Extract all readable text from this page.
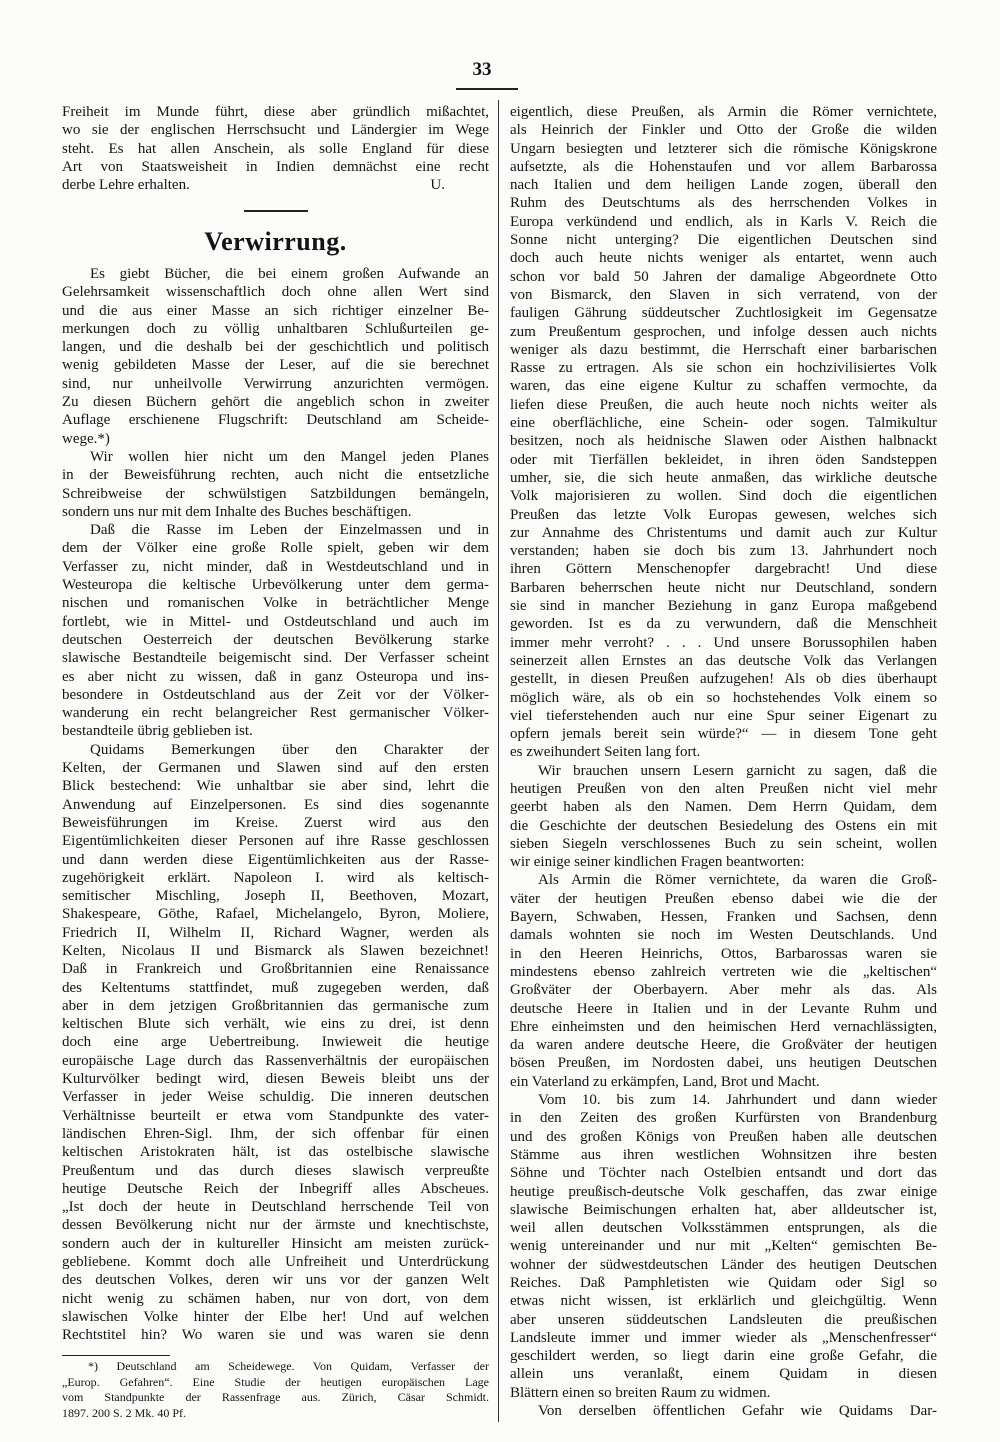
33
U.
Freiheit im Munde führt, diese aber gründlich mißachtet,
wo sie der englischen Herrschsucht und Ländergier im Wege
steht. Es hat allen Anschein, als solle England für diese
Art von Staatsweisheit in Indien demnächst eine recht
derbe Lehre erhalten.
Verwirrung.
Es giebt Bücher, die bei einem großen Aufwande an
Gelehrsamkeit wissenschaftlich doch ohne allen Wert sind
und die aus einer Masse an sich richtiger einzelner Be-
merkungen doch zu völlig unhaltbaren Schlußurteilen ge-
langen, und die deshalb bei der geschichtlich und politisch
wenig gebildeten Masse der Leser, auf die sie berechnet
sind, nur unheilvolle Verwirrung anzurichten vermögen.
Zu diesen Büchern gehört die angeblich schon in zweiter
Auflage erschienene Flugschrift: Deutschland am Scheide-
wege.*)
Wir wollen hier nicht um den Mangel jeden Planes
in der Beweisführung rechten, auch nicht die entsetzliche
Schreibweise der schwülstigen Satzbildungen bemängeln,
sondern uns nur mit dem Inhalte des Buches beschäftigen.
Daß die Rasse im Leben der Einzelmassen und in
dem der Völker eine große Rolle spielt, geben wir dem
Verfasser zu, nicht minder, daß in Westdeutschland und in
Westeuropa die keltische Urbevölkerung unter dem germa-
nischen und romanischen Volke in beträchtlicher Menge
fortlebt, wie in Mittel- und Ostdeutschland und auch im
deutschen Oesterreich der deutschen Bevölkerung starke
slawische Bestandteile beigemischt sind. Der Verfasser scheint
es aber nicht zu wissen, daß in ganz Osteuropa und ins-
besondere in Ostdeutschland aus der Zeit vor der Völker-
wanderung ein recht belangreicher Rest germanischer Völker-
bestandteile übrig geblieben ist.
Quidams Bemerkungen über den Charakter der
Kelten, der Germanen und Slawen sind auf den ersten
Blick bestechend: Wie unhaltbar sie aber sind, lehrt die
Anwendung auf Einzelpersonen. Es sind dies sogenannte
Beweisführungen im Kreise. Zuerst wird aus den
Eigentümlichkeiten dieser Personen auf ihre Rasse geschlossen
und dann werden diese Eigentümlichkeiten aus der Rasse-
zugehörigkeit erklärt. Napoleon I. wird als keltisch-
semitischer Mischling, Joseph II, Beethoven, Mozart,
Shakespeare, Göthe, Rafael, Michelangelo, Byron, Moliere,
Friedrich II, Wilhelm II, Richard Wagner, werden als
Kelten, Nicolaus II und Bismarck als Slawen bezeichnet!
Daß in Frankreich und Großbritannien eine Renaissance
des Keltentums stattfindet, muß zugegeben werden, daß
aber in dem jetzigen Großbritannien das germanische zum
keltischen Blute sich verhält, wie eins zu drei, ist denn
doch eine arge Uebertreibung. Inwieweit die heutige
europäische Lage durch das Rassenverhältnis der europäischen
Kulturvölker bedingt wird, diesen Beweis bleibt uns der
Verfasser in jeder Weise schuldig. Die inneren deutschen
Verhältnisse beurteilt er etwa vom Standpunkte des vater-
ländischen Ehren-Sigl. Ihm, der sich offenbar für einen
keltischen Aristokraten hält, ist das ostelbische slawische
Preußentum und das durch dieses slawisch verpreußte
heutige Deutsche Reich der Inbegriff alles Abscheues.
„Ist doch der heute in Deutschland herrschende Teil von
dessen Bevölkerung nicht nur der ärmste und knechtischste,
sondern auch der in kultureller Hinsicht am meisten zurück-
gebliebene. Kommt doch alle Unfreiheit und Unterdrückung
des deutschen Volkes, deren wir uns vor der ganzen Welt
nicht wenig zu schämen haben, nur von dort, von dem
slawischen Volke hinter der Elbe her! Und auf welchen
Rechtstitel hin? Wo waren sie und was waren sie denn
*) Deutschland am Scheidewege. Von Quidam, Verfasser der
„Europ. Gefahren“. Eine Studie der heutigen europäischen Lage
vom Standpunkte der Rassenfrage aus. Zürich, Cäsar Schmidt.
1897. 200 S. 2 Mk. 40 Pf.
eigentlich, diese Preußen, als Armin die Römer vernichtete,
als Heinrich der Finkler und Otto der Große die wilden
Ungarn besiegten und letzterer sich die römische Königskrone
aufsetzte, als die Hohenstaufen und vor allem Barbarossa
nach Italien und dem heiligen Lande zogen, überall den
Ruhm des Deutschtums als des herrschenden Volkes in
Europa verkündend und endlich, als in Karls V. Reich die
Sonne nicht unterging? Die eigentlichen Deutschen sind
doch auch heute nichts weniger als entartet, wenn auch
schon vor bald 50 Jahren der damalige Abgeordnete Otto
von Bismarck, den Slaven in sich verratend, von der
fauligen Gährung süddeutscher Zuchtlosigkeit im Gegensatze
zum Preußentum gesprochen, und infolge dessen auch nichts
weniger als dazu bestimmt, die Herrschaft einer barbarischen
Rasse zu ertragen. Als sie schon ein hochzivilisiertes Volk
waren, das eine eigene Kultur zu schaffen vermochte, da
liefen diese Preußen, die auch heute noch nichts weiter als
eine oberflächliche, eine Schein- oder sogen. Talmikultur
besitzen, noch als heidnische Slawen oder Aisthen halbnackt
oder mit Tierfällen bekleidet, in ihren öden Sandsteppen
umher, sie, die sich heute anmaßen, das wirkliche deutsche
Volk majorisieren zu wollen. Sind doch die eigentlichen
Preußen das letzte Volk Europas gewesen, welches sich
zur Annahme des Christentums und damit auch zur Kultur
verstanden; haben sie doch bis zum 13. Jahrhundert noch
ihren Göttern Menschenopfer dargebracht! Und diese
Barbaren beherrschen heute nicht nur Deutschland, sondern
sie sind in mancher Beziehung in ganz Europa maßgebend
geworden. Ist es da zu verwundern, daß die Menschheit
immer mehr verroht? . . . Und unsere Borussophilen haben
seinerzeit allen Ernstes an das deutsche Volk das Verlangen
gestellt, in diesen Preußen aufzugehen! Als ob dies überhaupt
möglich wäre, als ob ein so hochstehendes Volk einem so
viel tieferstehenden auch nur eine Spur seiner Eigenart zu
opfern jemals bereit sein würde?“ — in diesem Tone geht
es zweihundert Seiten lang fort.
Wir brauchen unsern Lesern garnicht zu sagen, daß die
heutigen Preußen von den alten Preußen nicht viel mehr
geerbt haben als den Namen. Dem Herrn Quidam, dem
die Geschichte der deutschen Besiedelung des Ostens ein mit
sieben Siegeln verschlossenes Buch zu sein scheint, wollen
wir einige seiner kindlichen Fragen beantworten:
Als Armin die Römer vernichtete, da waren die Groß-
väter der heutigen Preußen ebenso dabei wie die der
Bayern, Schwaben, Hessen, Franken und Sachsen, denn
damals wohnten sie noch im Westen Deutschlands. Und
in den Heeren Heinrichs, Ottos, Barbarossas waren sie
mindestens ebenso zahlreich vertreten wie die „keltischen“
Großväter der Oberbayern. Aber mehr als das. Als
deutsche Heere in Italien und in der Levante Ruhm und
Ehre einheimsten und den heimischen Herd vernachlässigten,
da waren andere deutsche Heere, die Großväter der heutigen
bösen Preußen, im Nordosten dabei, uns heutigen Deutschen
ein Vaterland zu erkämpfen, Land, Brot und Macht.
Vom 10. bis zum 14. Jahrhundert und dann wieder
in den Zeiten des großen Kurfürsten von Brandenburg
und des großen Königs von Preußen haben alle deutschen
Stämme aus ihren westlichen Wohnsitzen ihre besten
Söhne und Töchter nach Ostelbien entsandt und dort das
heutige preußisch-deutsche Volk geschaffen, das zwar einige
slawische Beimischungen erhalten hat, aber alldeutscher ist,
weil allen deutschen Volksstämmen entsprungen, als die
wenig untereinander und nur mit „Kelten“ gemischten Be-
wohner der südwestdeutschen Länder des heutigen Deutschen
Reiches. Daß Pamphletisten wie Quidam oder Sigl so
etwas nicht wissen, ist erklärlich und gleichgültig. Wenn
aber unseren süddeutschen Landsleuten die preußischen
Landsleute immer und immer wieder als „Menschenfresser“
geschildert werden, so liegt darin eine große Gefahr, die
allein uns veranlaßt, einem Quidam in diesen
Blättern einen so breiten Raum zu widmen.
Von derselben öffentlichen Gefahr wie Quidams Dar-
